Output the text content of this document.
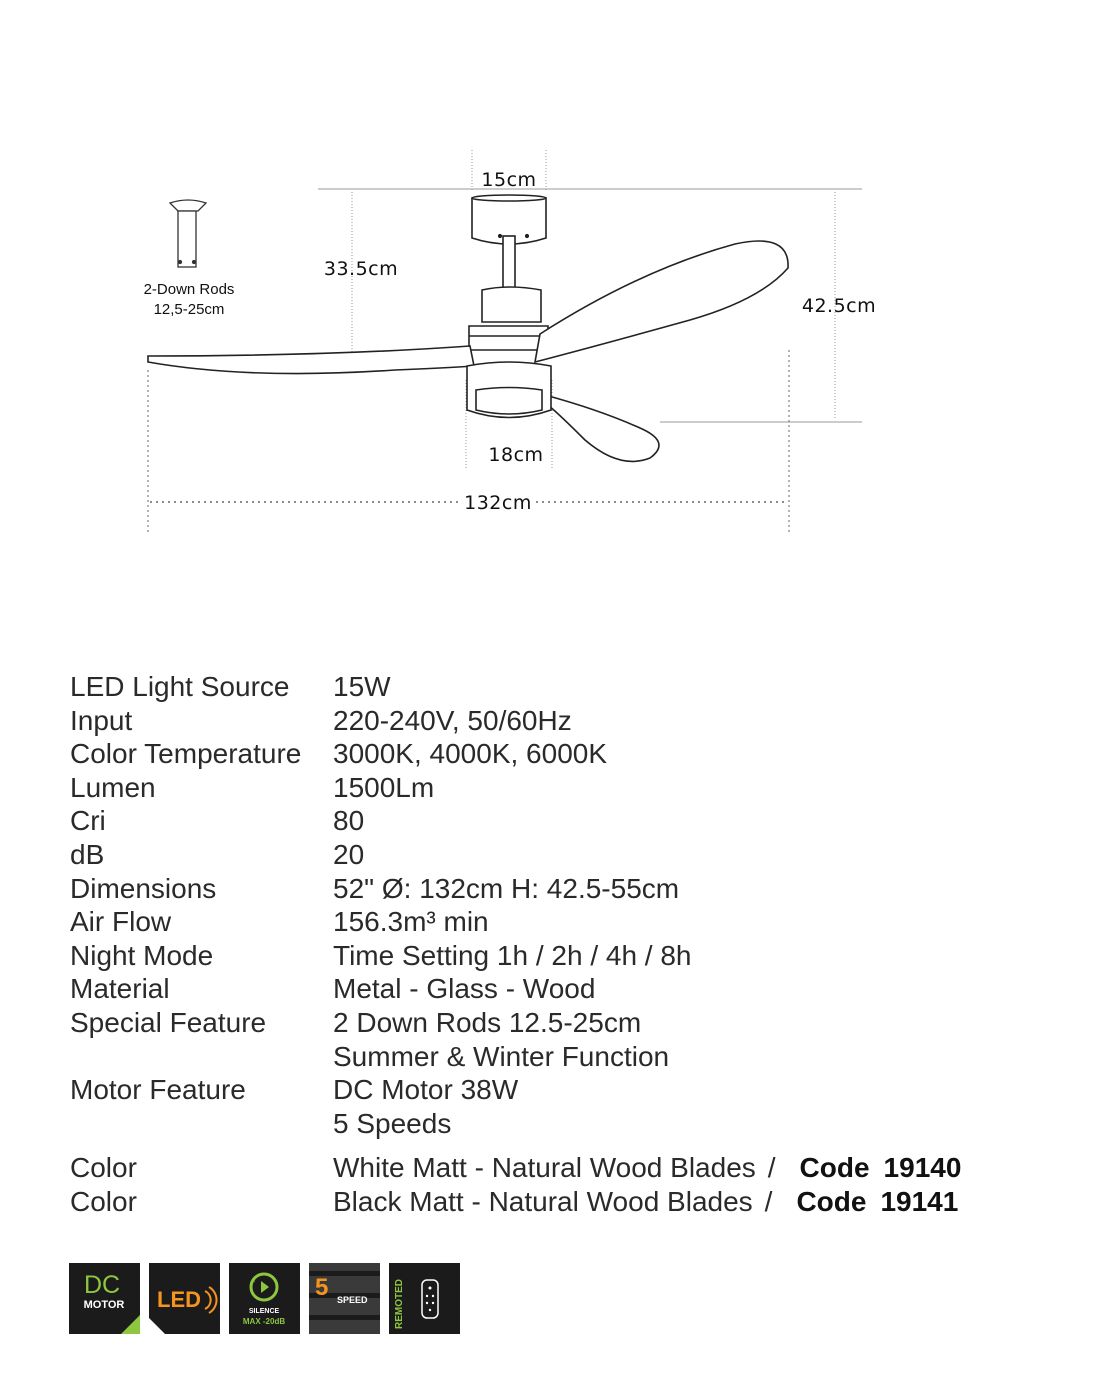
2-Down Rods
12,5-25cm
15cm
33.5cm
42.5cm
18cm
132cm
LED Light Source	15W
Input	220-240V, 50/60Hz
Color Temperature	3000K, 4000K, 6000K
Lumen	1500Lm
Cri	80
dB	20
Dimensions	52" Ø: 132cm H: 42.5-55cm
Air Flow	156.3m³ min
Night Mode	Time Setting 1h / 2h / 4h / 8h
Material	Metal - Glass - Wood
Special Feature	2 Down Rods 12.5-25cm
Summer & Winter Function
Motor Feature	DC Motor 38W
5 Speeds
Color	White Matt - Natural Wood Blades / Code 19140
Color	Black Matt - Natural Wood Blades / Code 19141
DC
MOTOR LED
×
SILENCE
MAX -20dB
5 SPEED	REMOTED
